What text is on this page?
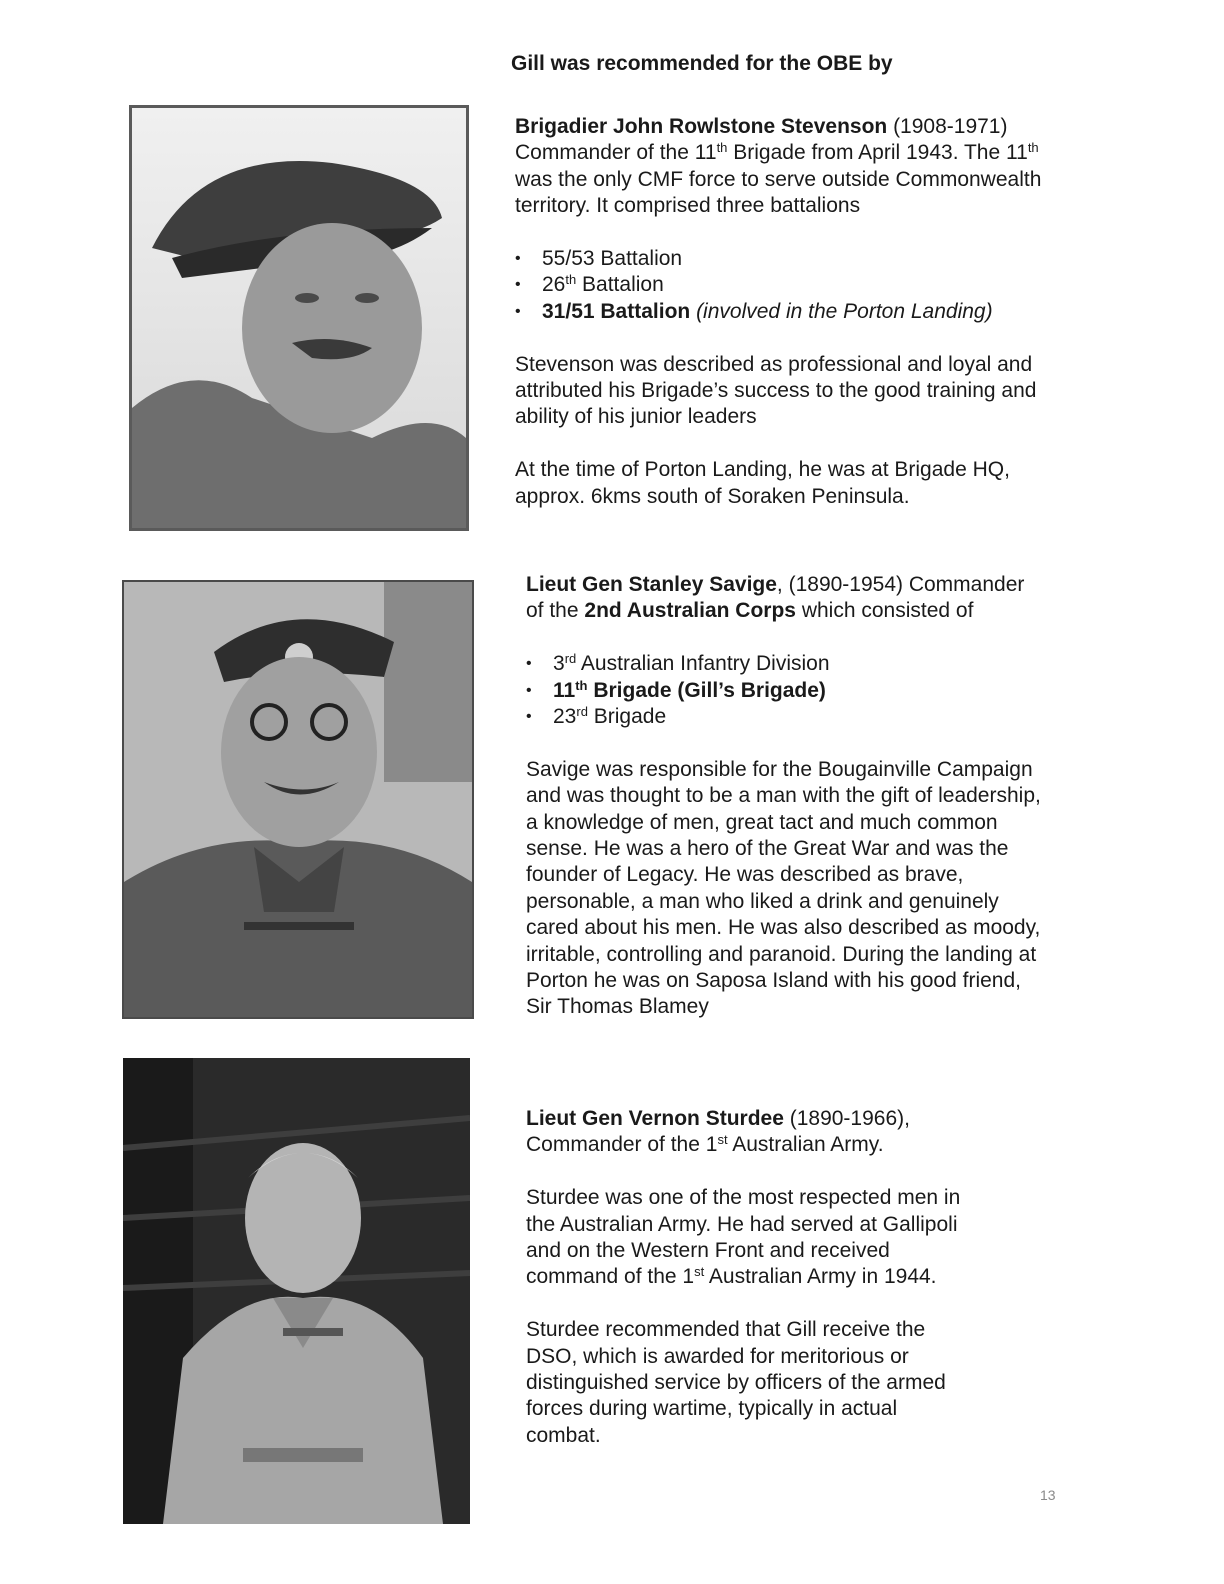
Gill was recommended for the OBE by

Brigadier John Rowlstone Stevenson (1908-1971)

Commander of the 11th Brigade from April 1943. The 11th

was the only CMF force to serve outside Commonwealth

territory. It comprised three battalions

• 55/53 Battalion
• 26th Battalion
• 31/51 Battalion (involved in the Porton Landing)

Stevenson was described as professional and loyal and

attributed his Brigade’s success to the good training and

ability of his junior leaders

At the time of Porton Landing, he was at Brigade HQ,

approx. 6kms south of Soraken Peninsula.

Lieut Gen Stanley Savige, (1890-1954) Commander

of the 2nd Australian Corps which consisted of

• 3rd Australian Infantry Division
• 11th Brigade (Gill’s Brigade)
• 23rd Brigade

Savige was responsible for the Bougainville Campaign

and was thought to be a man with the gift of leadership,

a knowledge of men, great tact and much common

sense. He was a hero of the Great War and was the

founder of Legacy. He was described as brave,

personable, a man who liked a drink and genuinely

cared about his men. He was also described as moody,

irritable, controlling and paranoid. During the landing at

Porton he was on Saposa Island with his good friend,

Sir Thomas Blamey

Lieut Gen Vernon Sturdee (1890-1966),

Commander of the 1st Australian Army.

Sturdee was one of the most respected men in

the Australian Army. He had served at Gallipoli

and on the Western Front and received

command of the 1st Australian Army in 1944.

Sturdee recommended that Gill receive the

DSO, which is awarded for meritorious or

distinguished service by officers of the armed

forces during wartime, typically in actual

combat.

13
